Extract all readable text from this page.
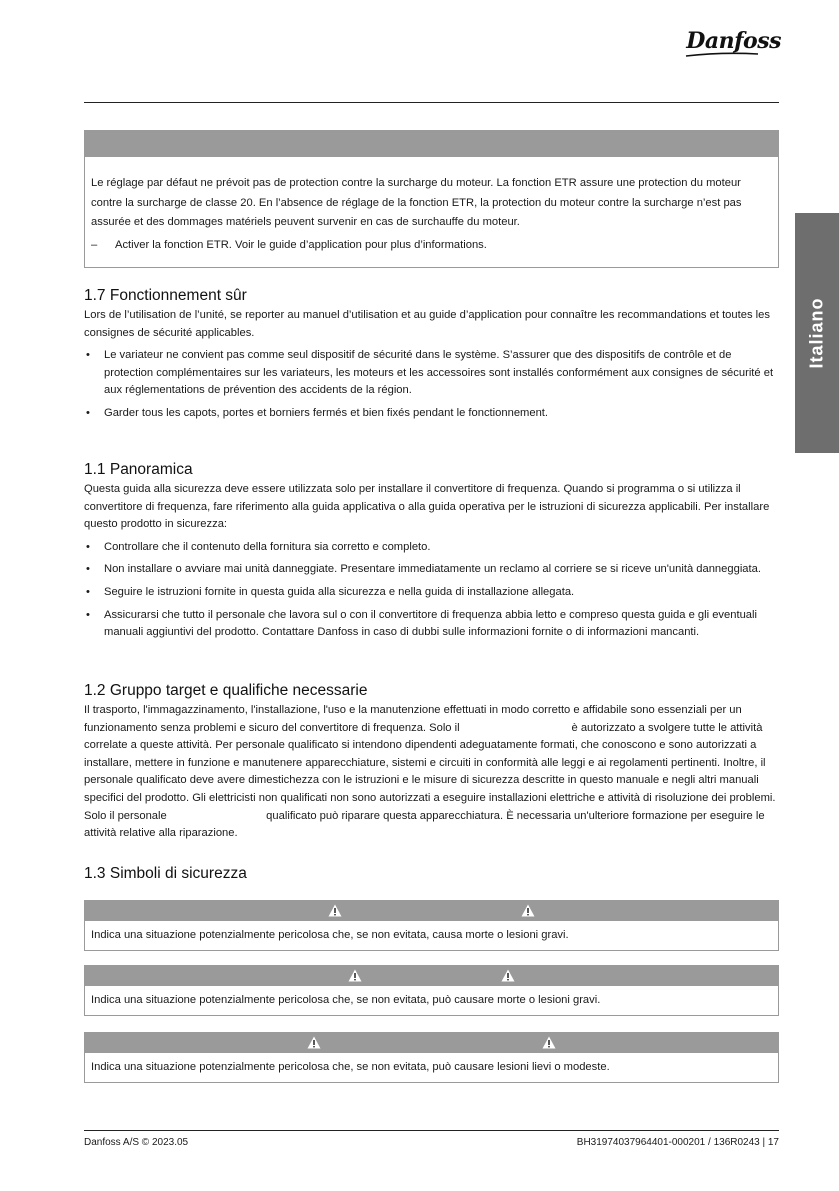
Danfoss
Italiano

Le réglage par défaut ne prévoit pas de protection contre la surcharge du moteur. La fonction ETR assure une protection du moteur contre la surcharge de classe 20. En l’absence de réglage de la fonction ETR, la protection du moteur contre la surcharge n’est pas assurée et des dommages matériels peuvent survenir en cas de surchauffe du moteur.

–	Activer la fonction ETR. Voir le guide d’application pour plus d’informations.
1.7 Fonctionnement sûr

Lors de l’utilisation de l’unité, se reporter au manuel d’utilisation et au guide d’application pour connaître les recommandations et toutes les consignes de sécurité applicables.

•	Le variateur ne convient pas comme seul dispositif de sécurité dans le système. S’assurer que des dispositifs de contrôle et de protection complémentaires sur les variateurs, les moteurs et les accessoires sont installés conformément aux consignes de sécurité et aux réglementations de prévention des accidents de la région.
•	Garder tous les capots, portes et borniers fermés et bien fixés pendant le fonctionnement.
1.1 Panoramica

Questa guida alla sicurezza deve essere utilizzata solo per installare il convertitore di frequenza. Quando si programma o si utilizza il convertitore di frequenza, fare riferimento alla guida applicativa o alla guida operativa per le istruzioni di sicurezza applicabili. Per installare questo prodotto in sicurezza:

•	Controllare che il contenuto della fornitura sia corretto e completo.
•	Non installare o avviare mai unità danneggiate. Presentare immediatamente un reclamo al corriere se si riceve un'unità danneggiata.
•	Seguire le istruzioni fornite in questa guida alla sicurezza e nella guida di installazione allegata.
•	Assicurarsi che tutto il personale che lavora sul o con il convertitore di frequenza abbia letto e compreso questa guida e gli eventuali manuali aggiuntivi del prodotto. Contattare Danfoss in caso di dubbi sulle informazioni fornite o di informazioni mancanti.
1.2 Gruppo target e qualifiche necessarie

Il trasporto, l'immagazzinamento, l'installazione, l'uso e la manutenzione effettuati in modo corretto e affidabile sono essenziali per un funzionamento senza problemi e sicuro del convertitore di frequenza. Solo il                                    è autorizzato a svolgere tutte le attività correlate a queste attività. Per personale qualificato si intendono dipendenti adeguatamente formati, che conoscono e sono autorizzati a installare, mettere in funzione e manutenere apparecchiature, sistemi e circuiti in conformità alle leggi e ai regolamenti pertinenti. Inoltre, il personale qualificato deve avere dimestichezza con le istruzioni e le misure di sicurezza descritte in questo manuale e negli altri manuali specifici del prodotto. Gli elettricisti non qualificati non sono autorizzati a eseguire installazioni elettriche e attività di risoluzione dei problemi.

Solo il personale                                qualificato può riparare questa apparecchiatura. È necessaria un'ulteriore formazione per eseguire le attività relative alla riparazione.

1.3 Simboli di sicurezza
Indica una situazione potenzialmente pericolosa che, se non evitata, causa morte o lesioni gravi.
Indica una situazione potenzialmente pericolosa che, se non evitata, può causare morte o lesioni gravi.
Indica una situazione potenzialmente pericolosa che, se non evitata, può causare lesioni lievi o modeste.
Danfoss A/S © 2023.05	BH31974037964401-000201 / 136R0243 | 17
